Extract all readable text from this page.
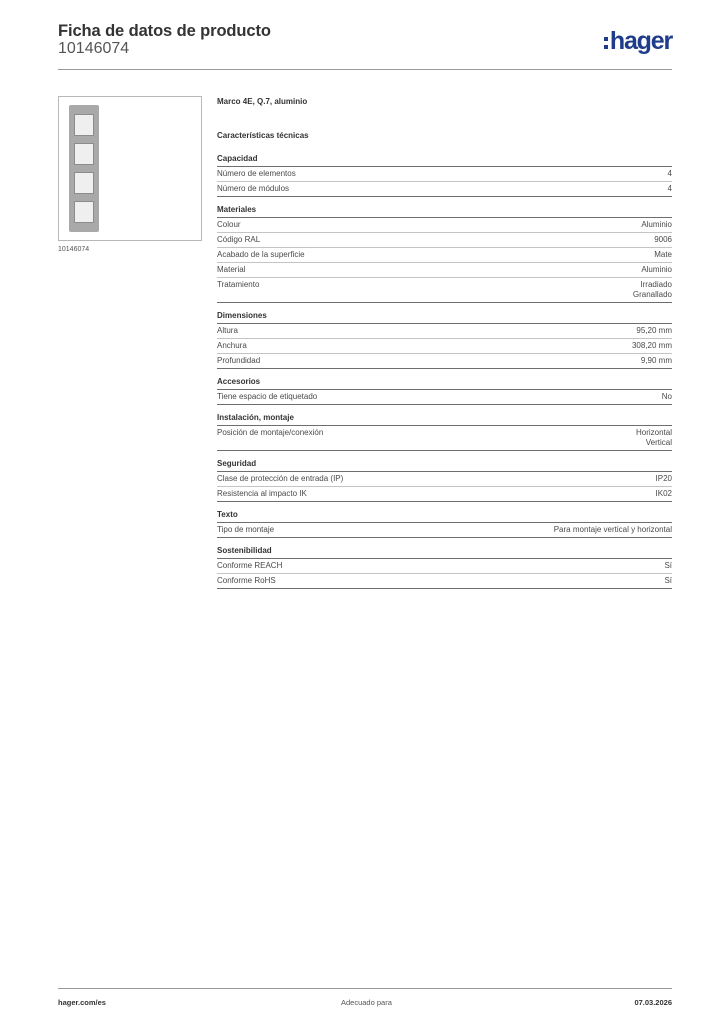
Ficha de datos de producto
10146074	hager
10146074
Marco 4E, Q.7, aluminio
Características técnicas
Capacidad
Número de elementos	4
Número de módulos	4
Materiales
Colour	Aluminio
Código RAL	9006
Acabado de la superficie	Mate
Material	Aluminio
Tratamiento	Irradiado
Granallado
Dimensiones
Altura	95,20 mm
Anchura	308,20 mm
Profundidad	9,90 mm
Accesorios
Tiene espacio de etiquetado	No
Instalación, montaje
Posición de montaje/conexión	Horizontal
Vertical
Seguridad
Clase de protección de entrada (IP)	IP20
Resistencia al impacto IK	IK02
Texto
Tipo de montaje	Para montaje vertical y horizontal
Sostenibilidad
Conforme REACH	Sí
Conforme RoHS	Sí
hager.com/es	Adecuado para	07.03.2026
